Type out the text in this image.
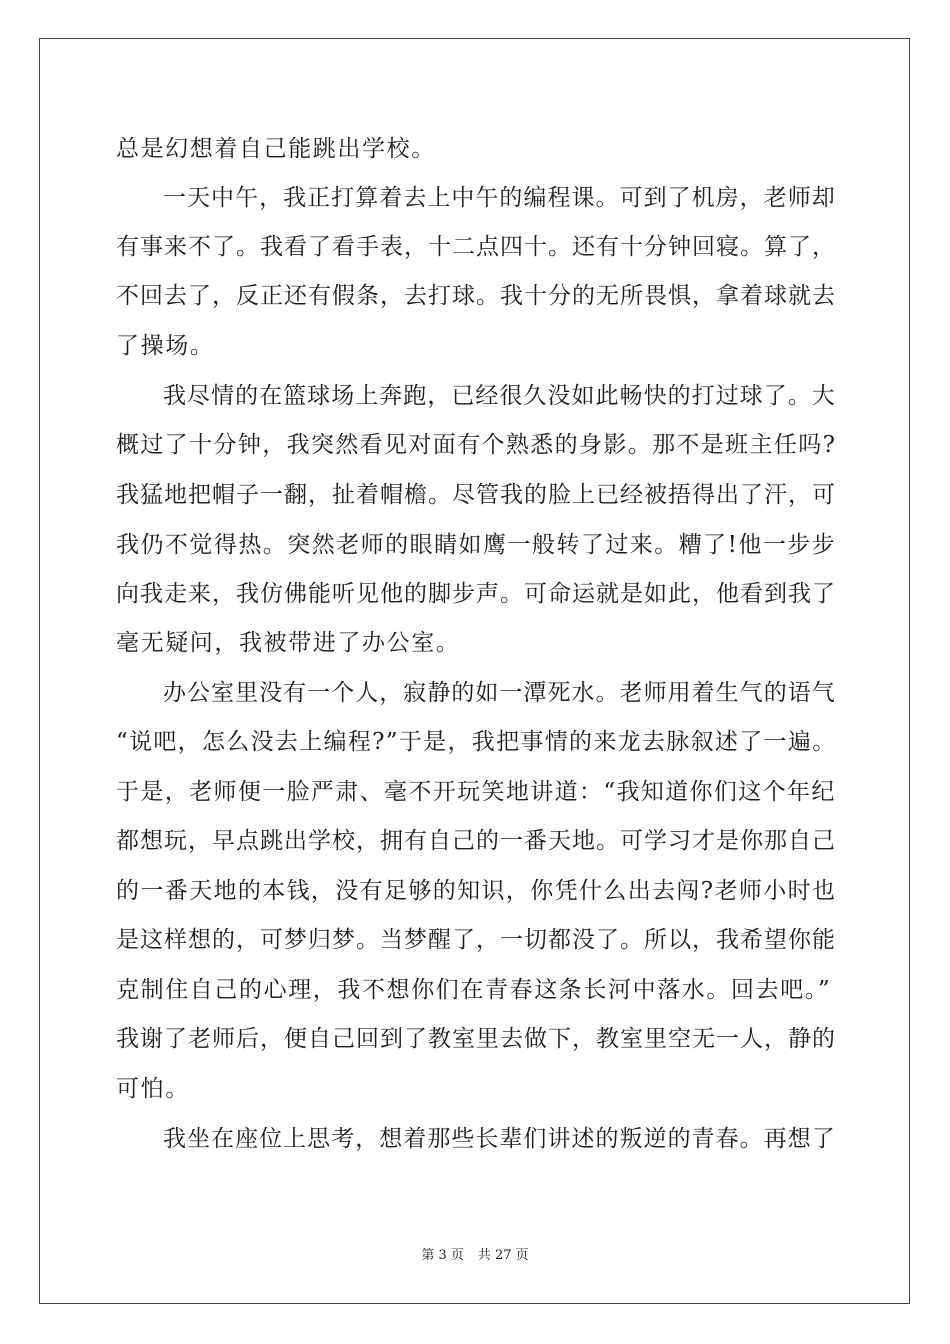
总是幻想着自己能跳出学校。

一天中午，我正打算着去上中午的编程课。可到了机房，老师却

有事来不了。我看了看手表，十二点四十。还有十分钟回寝。算了，

不回去了，反正还有假条，去打球。我十分的无所畏惧，拿着球就去

了操场。

我尽情的在篮球场上奔跑，已经很久没如此畅快的打过球了。大

概过了十分钟，我突然看见对面有个熟悉的身影。那不是班主任吗?

我猛地把帽子一翻，扯着帽檐。尽管我的脸上已经被捂得出了汗，可

我仍不觉得热。突然老师的眼睛如鹰一般转了过来。糟了!他一步步

向我走来，我仿佛能听见他的脚步声。可命运就是如此，他看到我了

毫无疑问，我被带进了办公室。

办公室里没有一个人，寂静的如一潭死水。老师用着生气的语气

“说吧，怎么没去上编程?”于是，我把事情的来龙去脉叙述了一遍。

于是，老师便一脸严肃、毫不开玩笑地讲道：“我知道你们这个年纪

都想玩，早点跳出学校，拥有自己的一番天地。可学习才是你那自己

的一番天地的本钱，没有足够的知识，你凭什么出去闯?老师小时也

是这样想的，可梦归梦。当梦醒了，一切都没了。所以，我希望你能

克制住自己的心理，我不想你们在青春这条长河中落水。回去吧。”

我谢了老师后，便自己回到了教室里去做下，教室里空无一人，静的

可怕。

我坐在座位上思考，想着那些长辈们讲述的叛逆的青春。再想了

第 3 页 共 27 页
